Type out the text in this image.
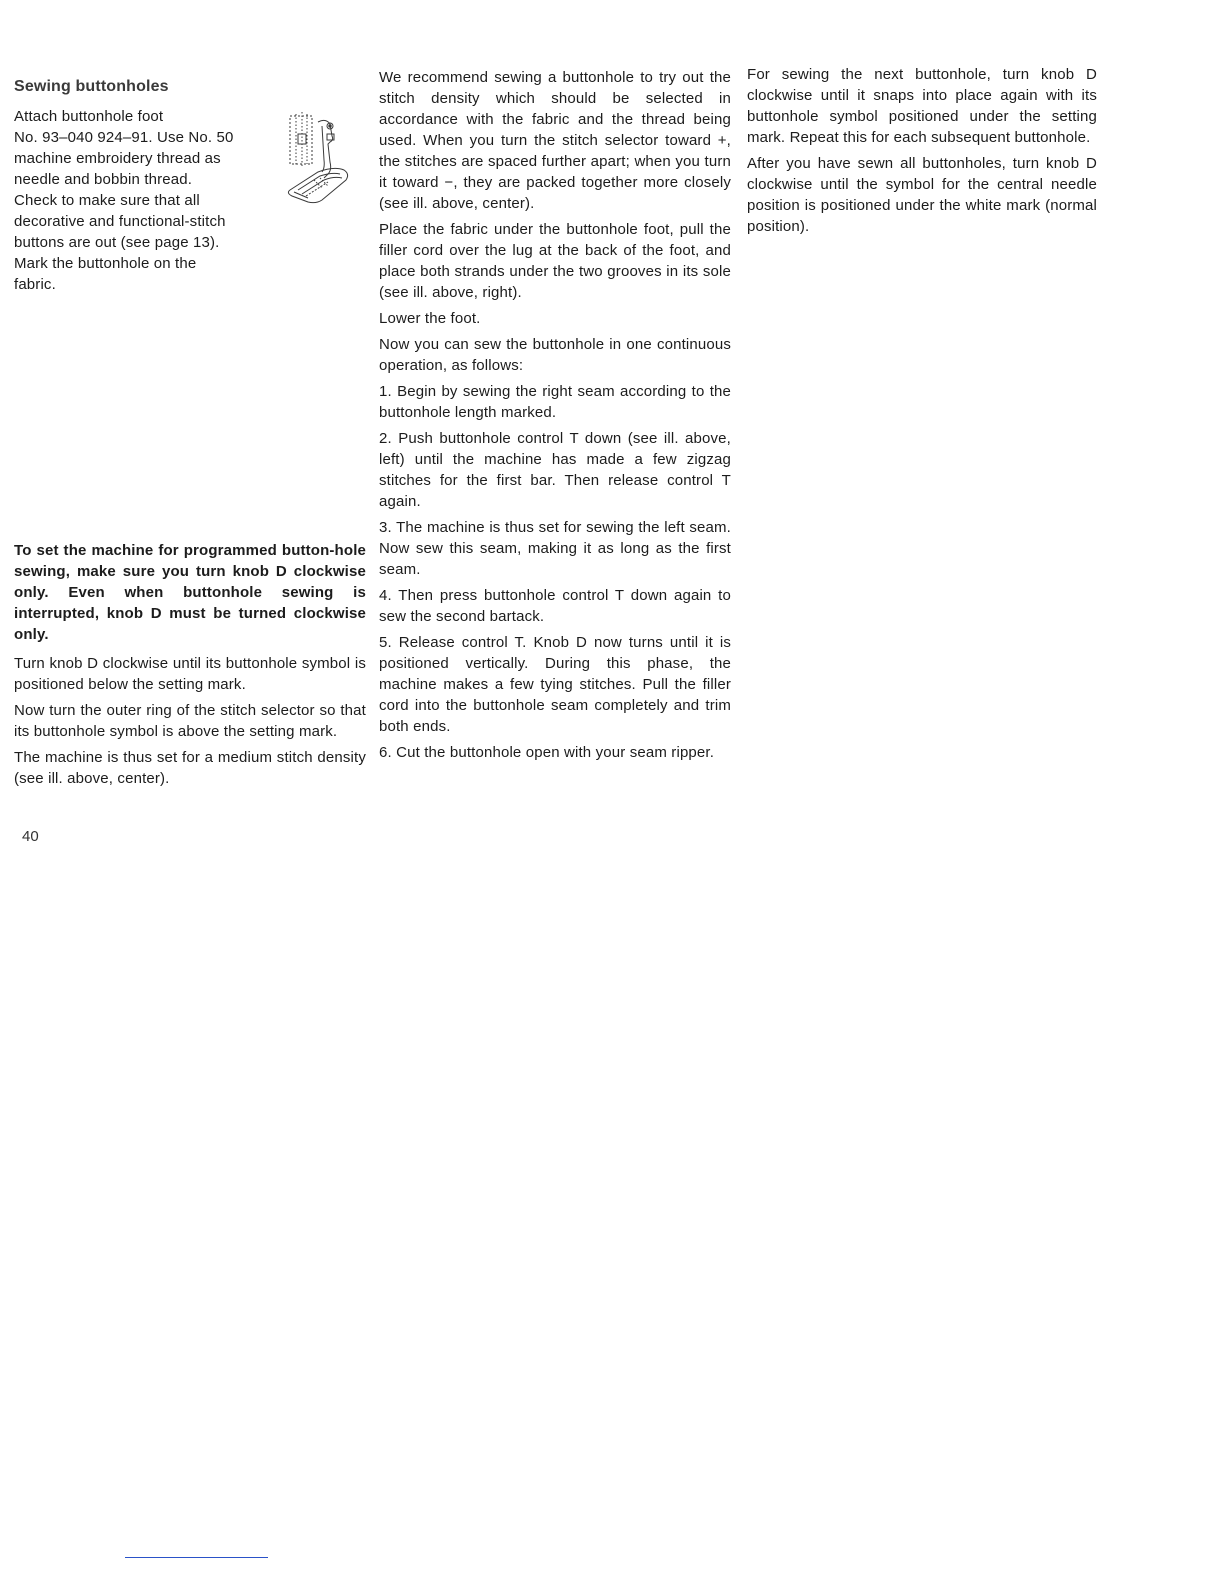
Sewing buttonholes

Attach buttonhole foot

No. 93–040 924–91. Use No. 50

machine embroidery thread as

needle and bobbin thread.

Check to make sure that all

decorative and functional-stitch

buttons are out (see page 13).

Mark the buttonhole on the

fabric.

To set the machine for programmed button-hole sewing, make sure you turn knob D clockwise only. Even when buttonhole sewing is interrupted, knob D must be turned clockwise only.

Turn knob D clockwise until its buttonhole symbol is positioned below the setting mark.

Now turn the outer ring of the stitch selector so that its buttonhole symbol is above the setting mark.

The machine is thus set for a medium stitch density (see ill. above, center).

We recommend sewing a buttonhole to try out the stitch density which should be selected in accordance with the fabric and the thread being used. When you turn the stitch selector toward +, the stitches are spaced further apart; when you turn it toward −, they are packed together more closely (see ill. above, center).

Place the fabric under the buttonhole foot, pull the filler cord over the lug at the back of the foot, and place both strands under the two grooves in its sole (see ill. above, right).

Lower the foot.

Now you can sew the buttonhole in one continuous operation, as follows:

1. Begin by sewing the right seam according to the buttonhole length marked.

2. Push buttonhole control T down (see ill. above, left) until the machine has made a few zigzag stitches for the first bar. Then release control T again.

3. The machine is thus set for sewing the left seam. Now sew this seam, making it as long as the first seam.

4. Then press buttonhole control T down again to sew the second bartack.

5. Release control T. Knob D now turns until it is positioned vertically. During this phase, the machine makes a few tying stitches. Pull the filler cord into the buttonhole seam completely and trim both ends.

6. Cut the buttonhole open with your seam ripper.

For sewing the next buttonhole, turn knob D clockwise until it snaps into place again with its buttonhole symbol positioned under the setting mark. Repeat this for each subsequent buttonhole.

After you have sewn all buttonholes, turn knob D clockwise until the symbol for the central needle position is positioned under the white mark (normal position).

40
